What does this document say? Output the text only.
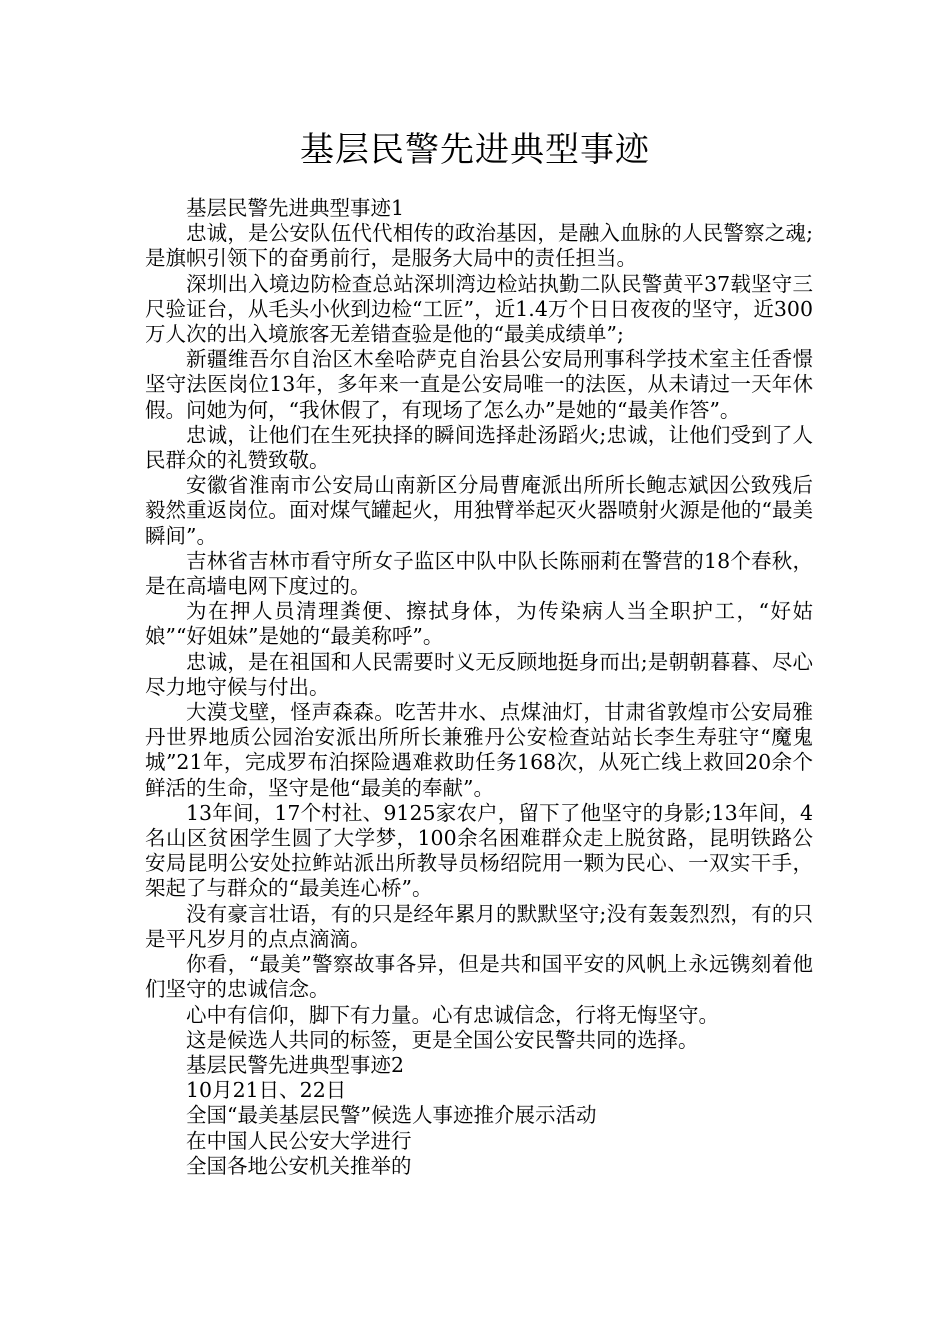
基层民警先进典型事迹

基层民警先进典型事迹1

忠诚，是公安队伍代代相传的政治基因，是融入血脉的人民警察之魂;是旗帜引领下的奋勇前行，是服务大局中的责任担当。

深圳出入境边防检查总站深圳湾边检站执勤二队民警黄平37载坚守三尺验证台，从毛头小伙到边检“工匠”，近1.4万个日日夜夜的坚守，近300万人次的出入境旅客无差错查验是他的“最美成绩单”;

新疆维吾尔自治区木垒哈萨克自治县公安局刑事科学技术室主任香憬坚守法医岗位13年，多年来一直是公安局唯一的法医，从未请过一天年休假。问她为何，“我休假了，有现场了怎么办”是她的“最美作答”。

忠诚，让他们在生死抉择的瞬间选择赴汤蹈火;忠诚，让他们受到了人民群众的礼赞致敬。

安徽省淮南市公安局山南新区分局曹庵派出所所长鲍志斌因公致残后毅然重返岗位。面对煤气罐起火，用独臂举起灭火器喷射火源是他的“最美瞬间”。

吉林省吉林市看守所女子监区中队中队长陈丽莉在警营的18个春秋，是在高墙电网下度过的。

为在押人员清理粪便、擦拭身体，为传染病人当全职护工，“好姑娘”“好姐妹”是她的“最美称呼”。

忠诚，是在祖国和人民需要时义无反顾地挺身而出;是朝朝暮暮、尽心尽力地守候与付出。

大漠戈壁，怪声森森。吃苦井水、点煤油灯，甘肃省敦煌市公安局雅丹世界地质公园治安派出所所长兼雅丹公安检查站站长李生寿驻守“魔鬼城”21年，完成罗布泊探险遇难救助任务168次，从死亡线上救回20余个鲜活的生命，坚守是他“最美的奉献”。

13年间，17个村社、9125家农户，留下了他坚守的身影;13年间，4名山区贫困学生圆了大学梦，100余名困难群众走上脱贫路，昆明铁路公安局昆明公安处拉鲊站派出所教导员杨绍院用一颗为民心、一双实干手，架起了与群众的“最美连心桥”。

没有豪言壮语，有的只是经年累月的默默坚守;没有轰轰烈烈，有的只是平凡岁月的点点滴滴。

你看，“最美”警察故事各异，但是共和国平安的风帆上永远镌刻着他们坚守的忠诚信念。

心中有信仰，脚下有力量。心有忠诚信念，行将无悔坚守。

这是候选人共同的标签，更是全国公安民警共同的选择。

基层民警先进典型事迹2

10月21日、22日

全国“最美基层民警”候选人事迹推介展示活动

在中国人民公安大学进行

全国各地公安机关推举的
